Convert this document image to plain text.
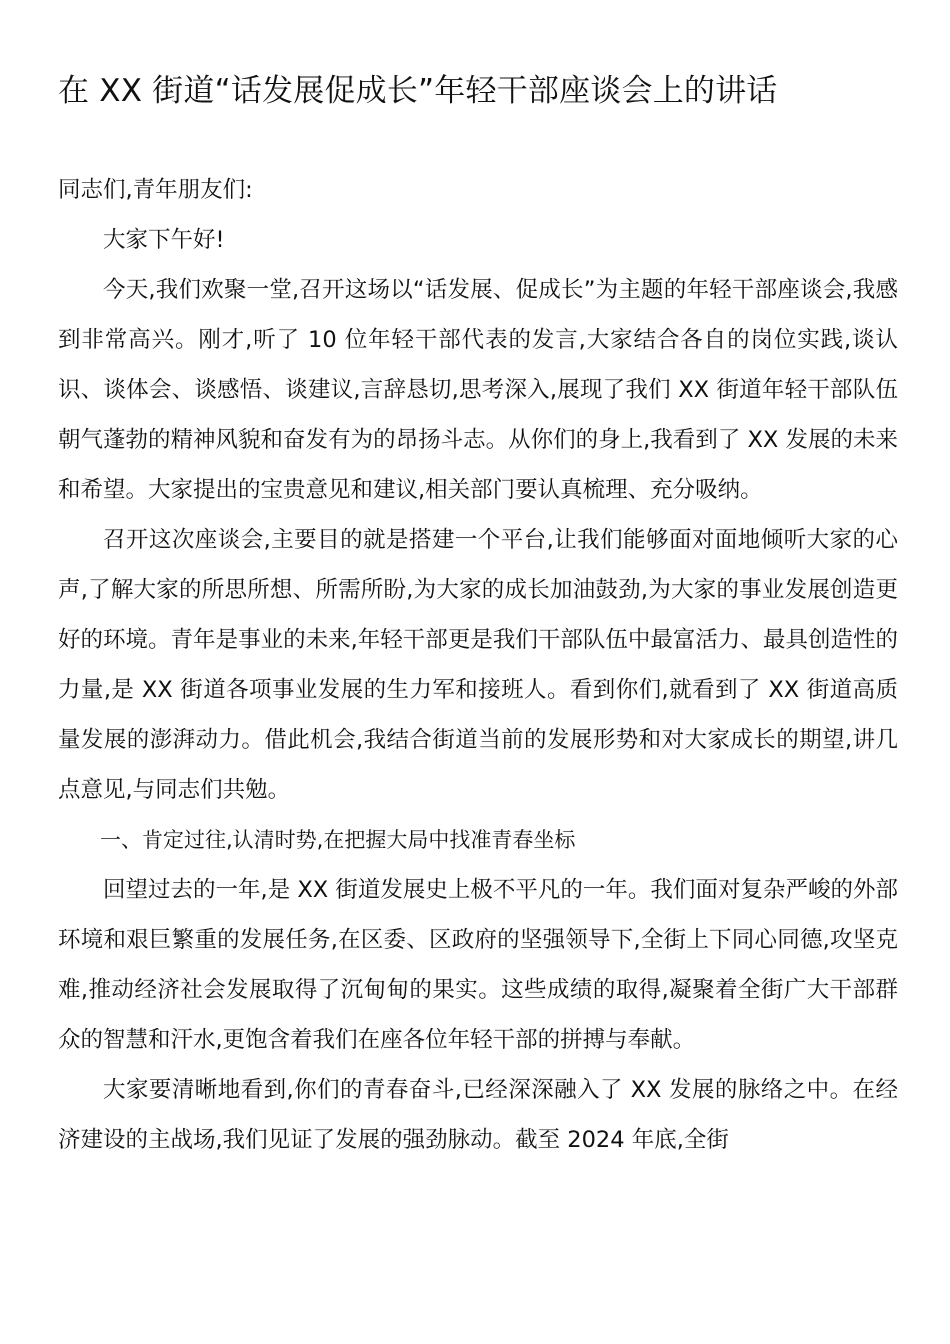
在 XX 街道“话发展促成长”年轻干部座谈会上的讲话

同志们,青年朋友们:

大家下午好!

今天,我们欢聚一堂,召开这场以“话发展、促成长”为主题的年轻干部座谈会,我感到非常高兴。刚才,听了 10 位年轻干部代表的发言,大家结合各自的岗位实践,谈认识、谈体会、谈感悟、谈建议,言辞恳切,思考深入,展现了我们 XX 街道年轻干部队伍朝气蓬勃的精神风貌和奋发有为的昂扬斗志。从你们的身上,我看到了 XX 发展的未来和希望。大家提出的宝贵意见和建议,相关部门要认真梳理、充分吸纳。

召开这次座谈会,主要目的就是搭建一个平台,让我们能够面对面地倾听大家的心声,了解大家的所思所想、所需所盼,为大家的成长加油鼓劲,为大家的事业发展创造更好的环境。青年是事业的未来,年轻干部更是我们干部队伍中最富活力、最具创造性的力量,是 XX 街道各项事业发展的生力军和接班人。看到你们,就看到了 XX 街道高质量发展的澎湃动力。借此机会,我结合街道当前的发展形势和对大家成长的期望,讲几点意见,与同志们共勉。

一、肯定过往,认清时势,在把握大局中找准青春坐标

回望过去的一年,是 XX 街道发展史上极不平凡的一年。我们面对复杂严峻的外部环境和艰巨繁重的发展任务,在区委、区政府的坚强领导下,全街上下同心同德,攻坚克难,推动经济社会发展取得了沉甸甸的果实。这些成绩的取得,凝聚着全街广大干部群众的智慧和汗水,更饱含着我们在座各位年轻干部的拼搏与奉献。

大家要清晰地看到,你们的青春奋斗,已经深深融入了 XX 发展的脉络之中。在经济建设的主战场,我们见证了发展的强劲脉动。截至 2024 年底,全街
